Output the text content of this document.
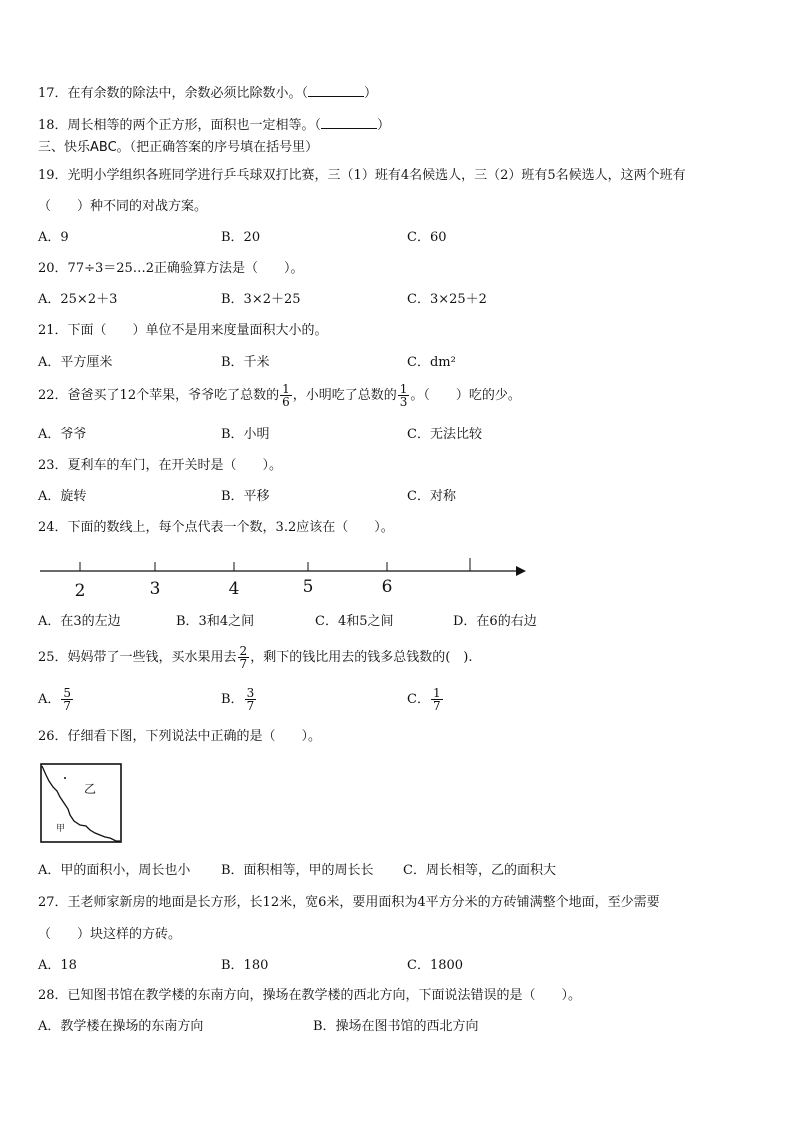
17．在有余数的除法中，余数必须比除数小。（	）
18．周长相等的两个正方形，面积也一定相等。（	）
三、快乐ABC。（把正确答案的序号填在括号里）
19．光明小学组织各班同学进行乒乓球双打比赛，三（1）班有4名候选人，三（2）班有5名候选人，这两个班有
（　　）种不同的对战方案。
A．9	B．20	C．60
20．77÷3＝25…2正确验算方法是（　　）。
A．25×2＋3	B．3×2＋25	C．3×25＋2
21．下面（　　）单位不是用来度量面积大小的。
A．平方厘米	B．千米	C．dm²
22．爸爸买了12个苹果，爷爷吃了总数的 $\frac{1}{6}$ ，小明吃了总数的 $\frac{1}{3}$ 。（　　）吃的少。
A．爷爷	B．小明	C．无法比较
23．夏利车的车门，在开关时是（　　）。
A．旋转	B．平移	C．对称
24．下面的数线上，每个点代表一个数，3.2应该在（　　）。
2	3	4	5	6
A．在3的左边	B．3和4之间	C．4和5之间	D．在6的右边
25．妈妈带了一些钱，买水果用去 $\frac{2}{7}$ ，剩下的钱比用去的钱多总钱数的(　).
A． $\frac{5}{7}$	B． $\frac{3}{7}$	C． $\frac{1}{7}$
26．仔细看下图，下列说法中正确的是（　　）。
乙
甲
A．甲的面积小，周长也小 B．面积相等，甲的周长长 C．周长相等，乙的面积大
27．王老师家新房的地面是长方形，长12米，宽6米，要用面积为4平方分米的方砖铺满整个地面，至少需要
（　　）块这样的方砖。
A．18	B．180	C．1800
28．已知图书馆在教学楼的东南方向，操场在教学楼的西北方向，下面说法错误的是（　　）。
A．教学楼在操场的东南方向	B．操场在图书馆的西北方向
